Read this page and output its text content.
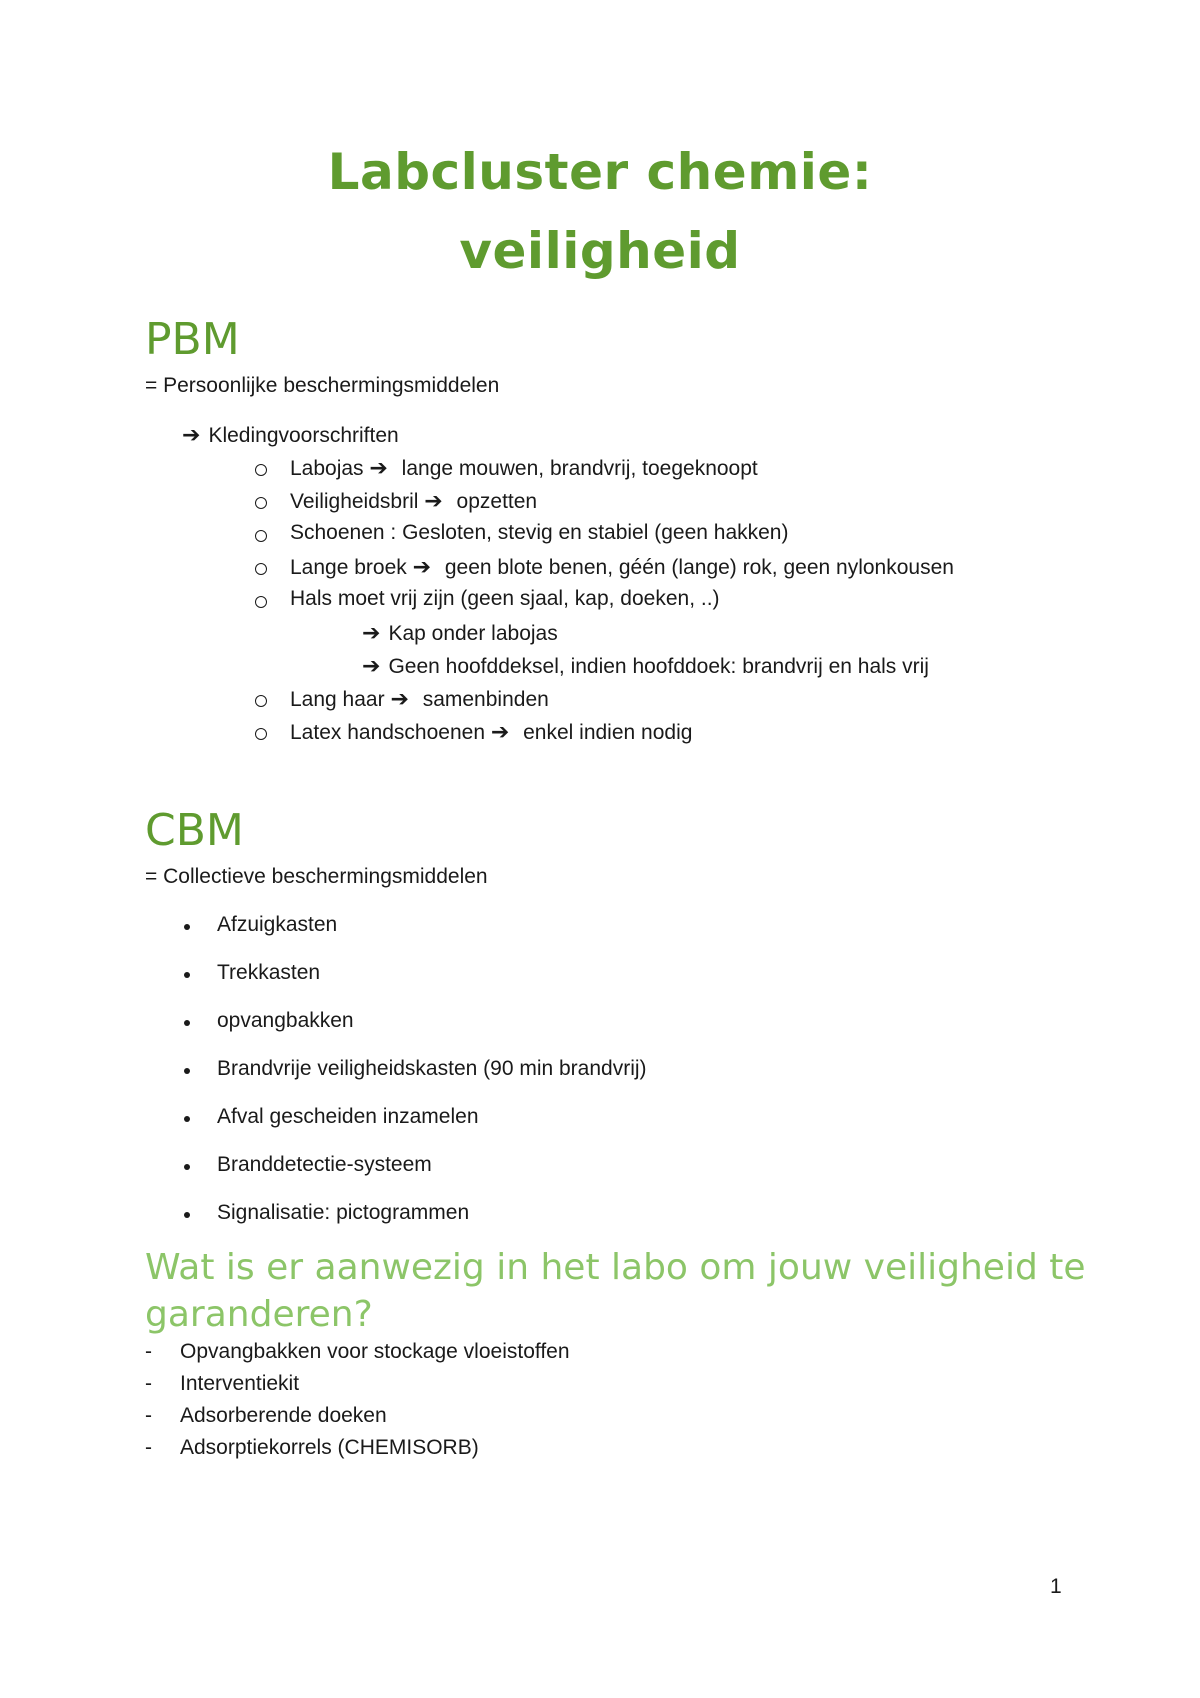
Labcluster chemie:
veiligheid
PBM

= Persoonlijke beschermingsmiddelen

➔ Kledingvoorschriften

Labojas ➔ lange mouwen, brandvrij, toegeknoopt

Veiligheidsbril ➔ opzetten

Schoenen : Gesloten, stevig en stabiel (geen hakken)

Lange broek ➔ geen blote benen, géén (lange) rok, geen nylonkousen

Hals moet vrij zijn (geen sjaal, kap, doeken, ..)

➔ Kap onder labojas

➔ Geen hoofddeksel, indien hoofddoek: brandvrij en hals vrij

Lang haar ➔ samenbinden

Latex handschoenen ➔ enkel indien nodig

CBM

= Collectieve beschermingsmiddelen

Afzuigkasten

Trekkasten

opvangbakken

Brandvrije veiligheidskasten (90 min brandvrij)

Afval gescheiden inzamelen

Branddetectie-systeem

Signalisatie: pictogrammen

Wat is er aanwezig in het labo om jouw veiligheid te garanderen?
- Opvangbakken voor stockage vloeistoffen

- Interventiekit

- Adsorberende doeken

- Adsorptiekorrels (CHEMISORB)

1
